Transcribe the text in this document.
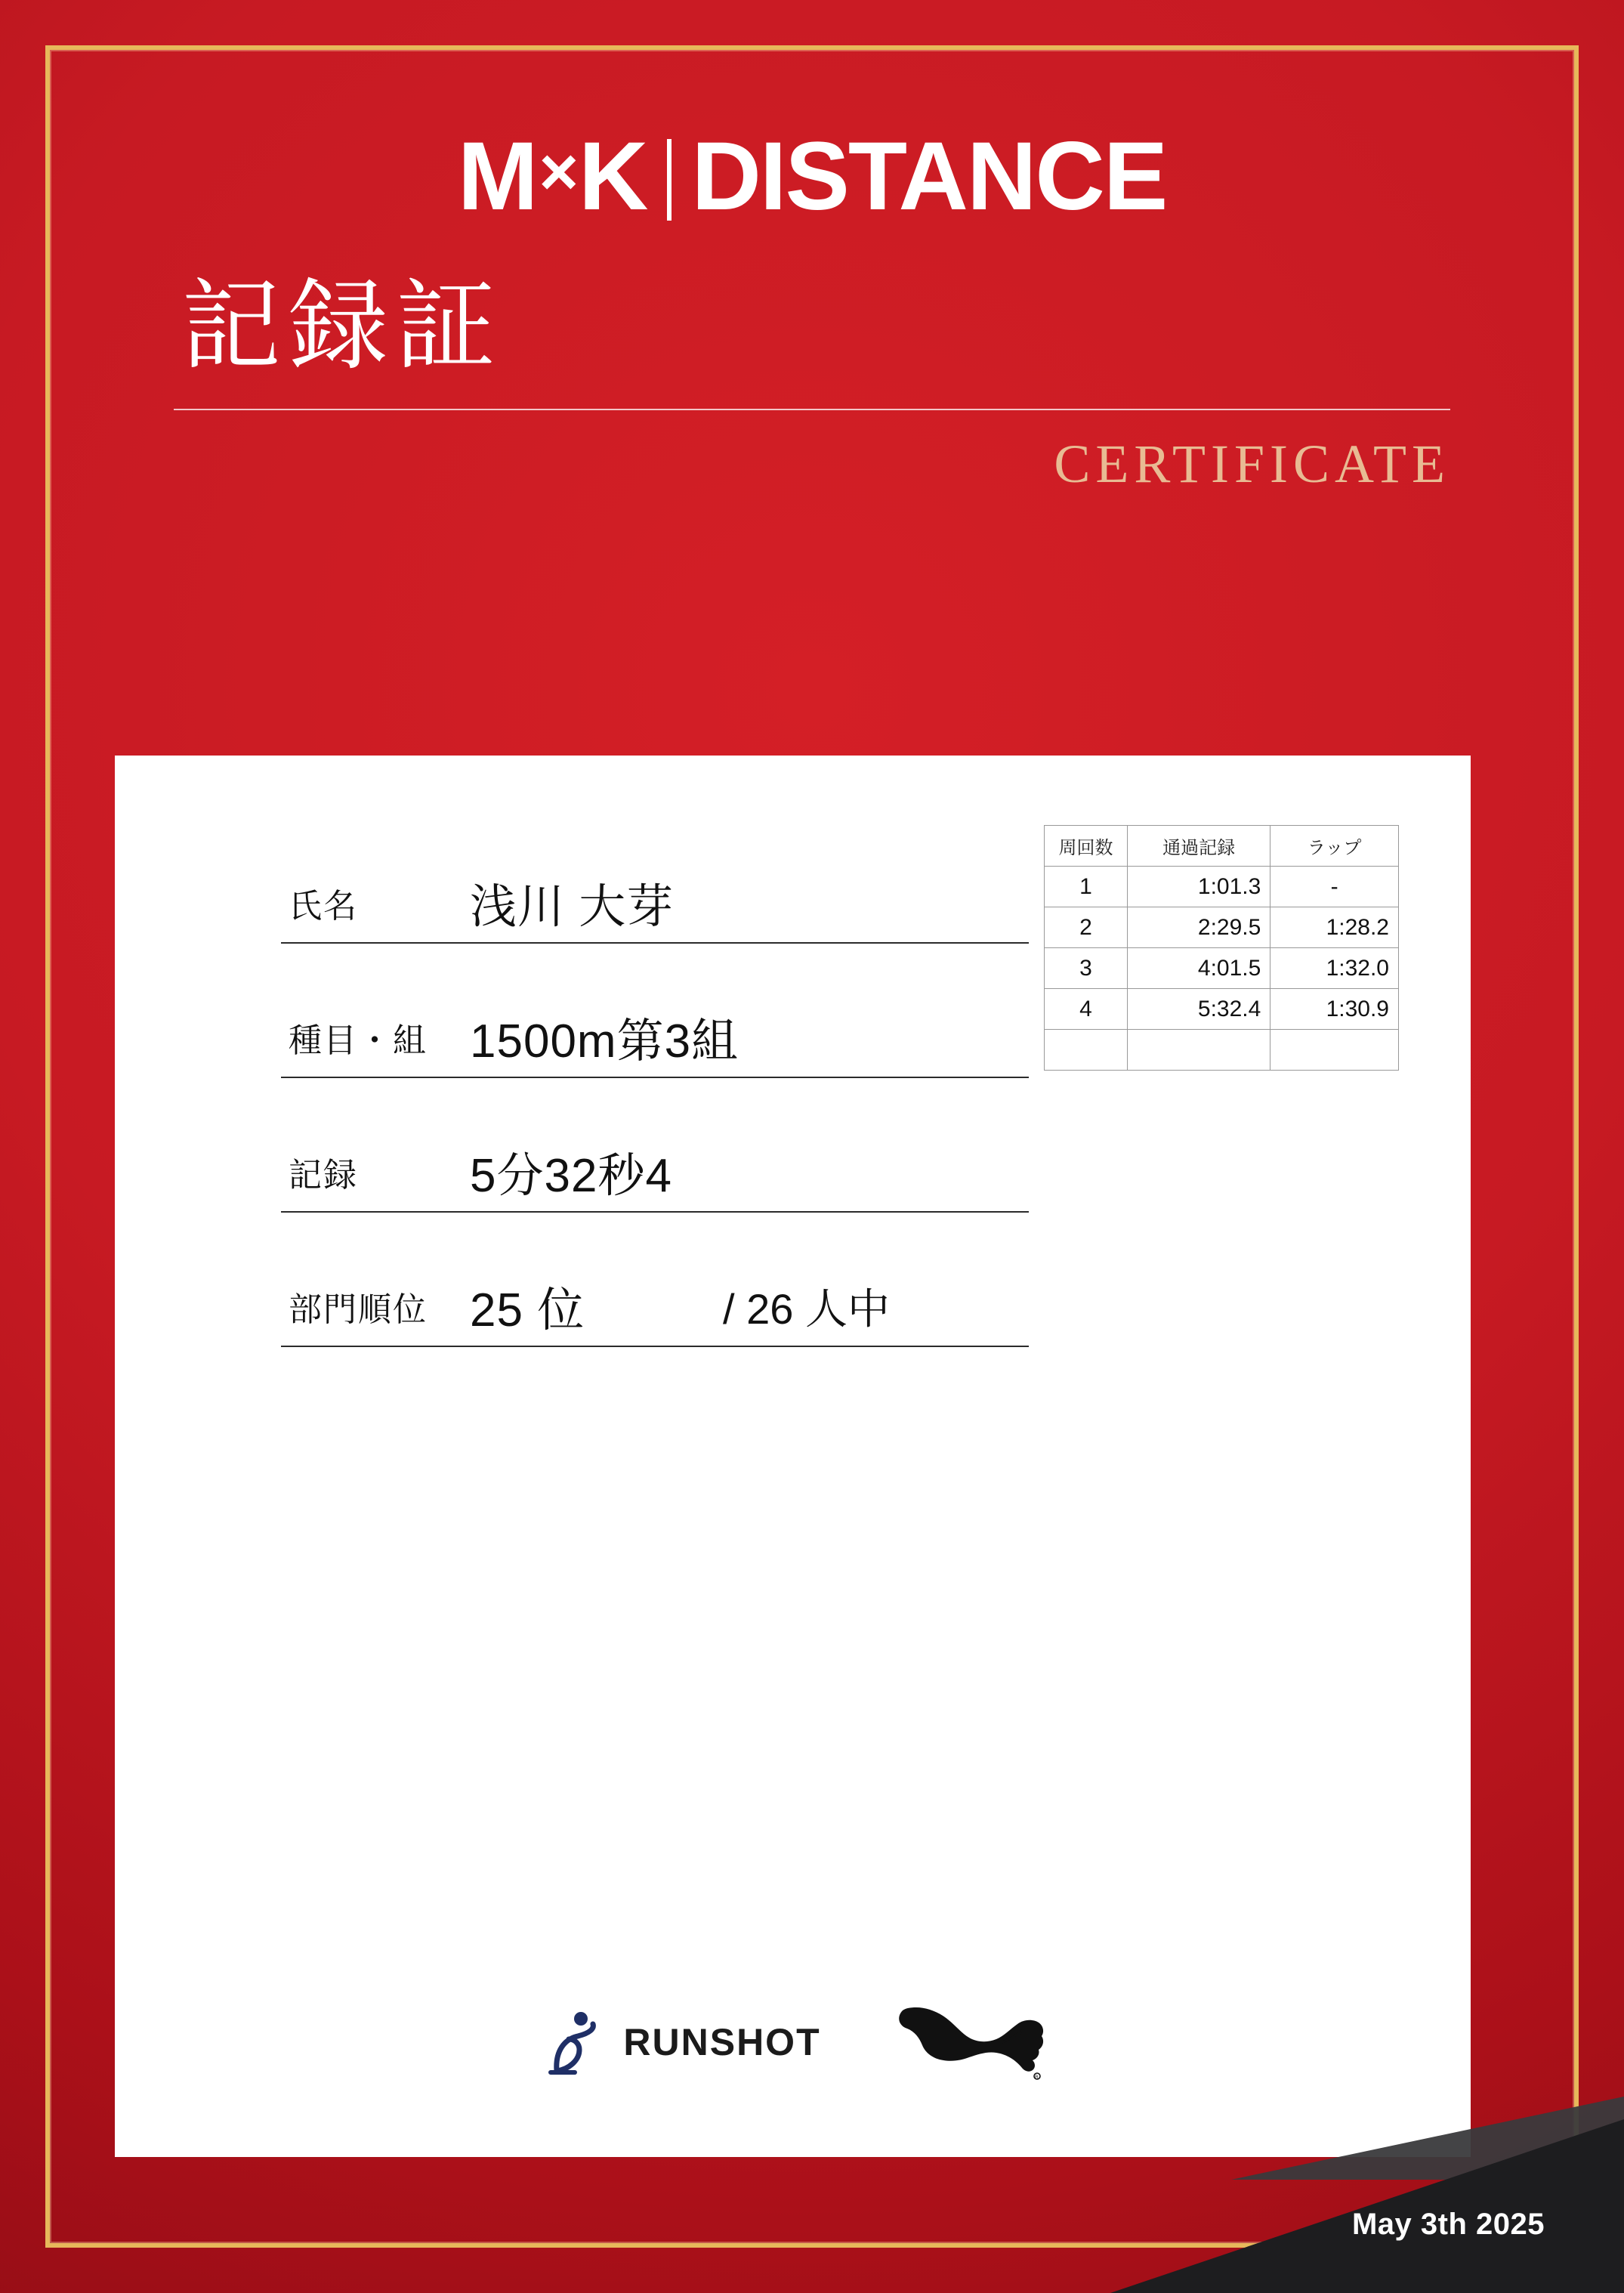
M × K DISTANCE
記録証
CERTIFICATE
氏名 浅川 大芽
種目・組 1500m第3組
記録 5分32秒4
部門順位 25 位	/ 26 人中
周回数	通過記録	ラップ
1	1:01.3	-
2	2:29.5	1:28.2
3	4:01.5	1:32.0
4	5:32.4	1:30.9

RUNSHOT
R
May 3th 2025
